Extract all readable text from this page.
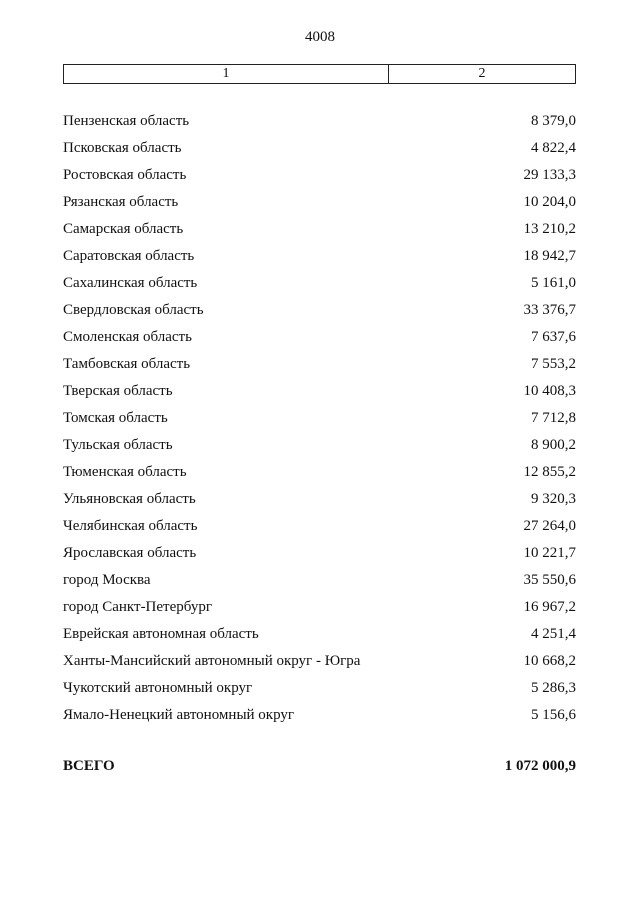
4008
1	2
Пензенская область	8 379,0
Псковская область	4 822,4
Ростовская область	29 133,3
Рязанская область	10 204,0
Самарская область	13 210,2
Саратовская область	18 942,7
Сахалинская область	5 161,0
Свердловская область	33 376,7
Смоленская область	7 637,6
Тамбовская область	7 553,2
Тверская область	10 408,3
Томская область	7 712,8
Тульская область	8 900,2
Тюменская область	12 855,2
Ульяновская область	9 320,3
Челябинская область	27 264,0
Ярославская область	10 221,7
город Москва	35 550,6
город Санкт-Петербург	16 967,2
Еврейская автономная область	4 251,4
Ханты-Мансийский автономный округ - Югра	10 668,2
Чукотский автономный округ	5 286,3
Ямало-Ненецкий автономный округ	5 156,6
ВСЕГО	1 072 000,9
